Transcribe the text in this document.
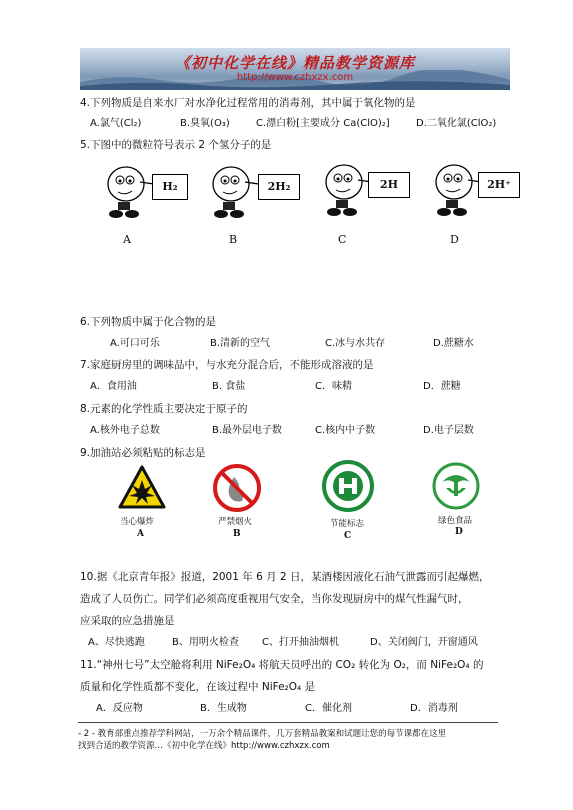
《初中化学在线》精品教学资源库
http://www.czhxzx.com
4.下列物质是自来水厂对水净化过程常用的消毒剂，其中属于氧化物的是
A.氯气(Cl₂)	B.臭氧(O₃)	C.漂白粉[主要成分 Ca(ClO)₂]	D.二氧化氯(ClO₂)
5.下图中的微粒符号表示 2 个氢分子的是
H₂	2H₂	2H	2H⁺
A	B	C	D
6.下列物质中属于化合物的是
A.可口可乐	B.清新的空气	C.冰与水共存	D.蔗糖水
7.家庭厨房里的调味品中，与水充分混合后，不能形成溶液的是
A．食用油	B. 食盐	C．味精	D．蔗糖
8.元素的化学性质主要决定于原子的
A.核外电子总数	B.最外层电子数	C.核内中子数	D.电子层数
9.加油站必须粘贴的标志是
当心爆炸
A
严禁烟火
B
节能标志
C
绿色食品
D
10.据《北京青年报》报道，2001 年 6 月 2 日，某酒楼因液化石油气泄露而引起爆燃，
造成了人员伤亡。同学们必须高度重视用气安全，当你发现厨房中的煤气性漏气时，
应采取的应急措施是
A、尽快逃跑	B、用明火检查 C、打开抽油烟机	D、关闭阀门，开窗通风
11.“神州七号”太空舱将利用 NiFe₂O₄ 将航天员呼出的 CO₂ 转化为 O₂，而 NiFe₂O₄ 的
质量和化学性质都不变化，在该过程中 NiFe₂O₄ 是
A．反应物	B．生成物	C．催化剂	D．消毒剂
- 2 - 教育部重点推荐学科网站，一万余个精品课件，几万套精品教案和试题让您的每节课都在这里
找到合适的教学资源…《初中化学在线》http://www.czhxzx.com
